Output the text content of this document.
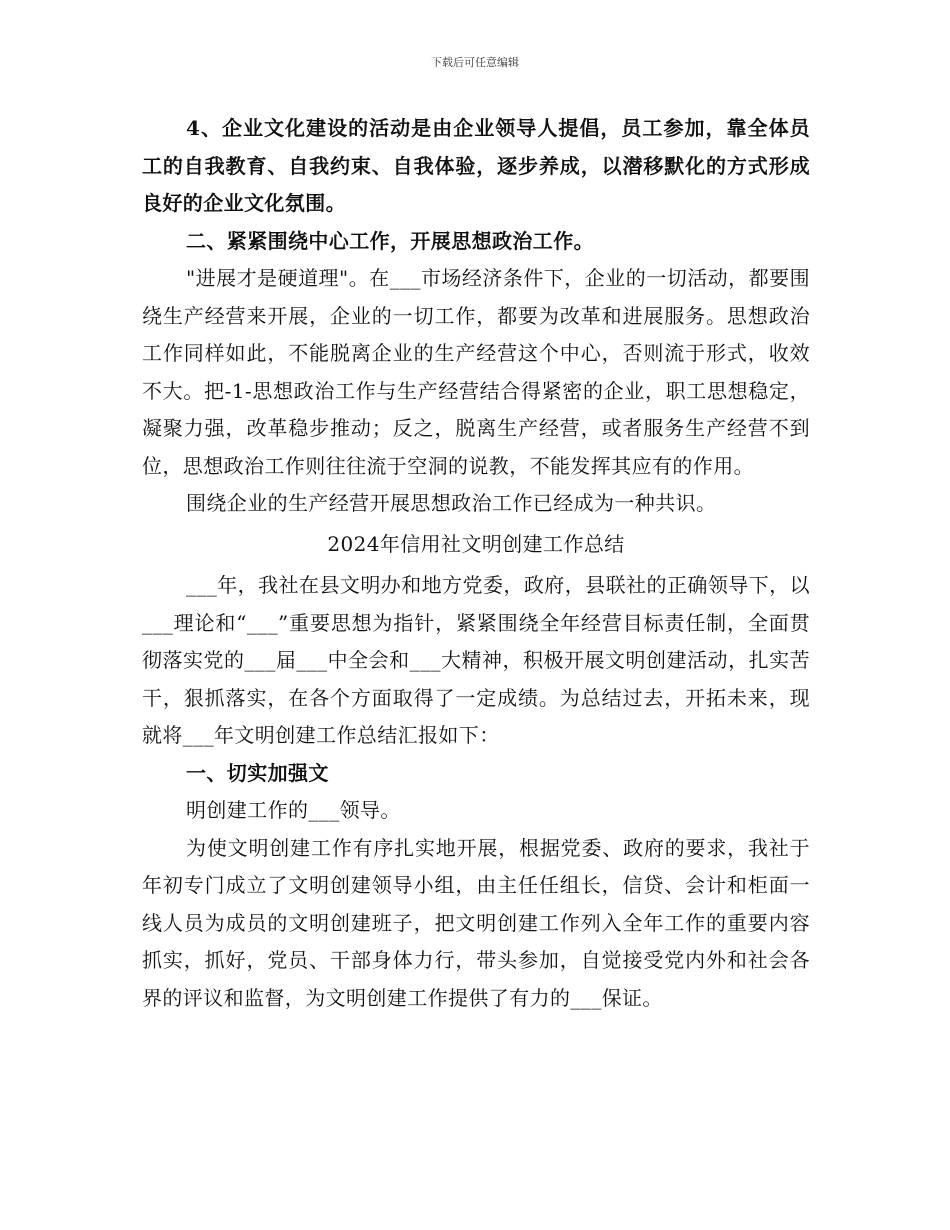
下载后可任意编辑

4、企业文化建设的活动是由企业领导人提倡，员工参加，靠全体员工的自我教育、自我约束、自我体验，逐步养成，以潜移默化的方式形成良好的企业文化氛围。

二、紧紧围绕中心工作，开展思想政治工作。

"进展才是硬道理"。在___市场经济条件下，企业的一切活动，都要围绕生产经营来开展，企业的一切工作，都要为改革和进展服务。思想政治工作同样如此，不能脱离企业的生产经营这个中心，否则流于形式，收效不大。把-1-思想政治工作与生产经营结合得紧密的企业，职工思想稳定，凝聚力强，改革稳步推动；反之，脱离生产经营，或者服务生产经营不到位，思想政治工作则往往流于空洞的说教，不能发挥其应有的作用。

围绕企业的生产经营开展思想政治工作已经成为一种共识。

2024年信用社文明创建工作总结

___年，我社在县文明办和地方党委，政府，县联社的正确领导下，以___理论和“___”重要思想为指针，紧紧围绕全年经营目标责任制，全面贯彻落实党的___届___中全会和___大精神，积极开展文明创建活动，扎实苦干，狠抓落实，在各个方面取得了一定成绩。为总结过去，开拓未来，现就将___年文明创建工作总结汇报如下：

一、切实加强文

明创建工作的___领导。

为使文明创建工作有序扎实地开展，根据党委、政府的要求，我社于年初专门成立了文明创建领导小组，由主任任组长，信贷、会计和柜面一线人员为成员的文明创建班子，把文明创建工作列入全年工作的重要内容抓实，抓好，党员、干部身体力行，带头参加，自觉接受党内外和社会各界的评议和监督，为文明创建工作提供了有力的___保证。
